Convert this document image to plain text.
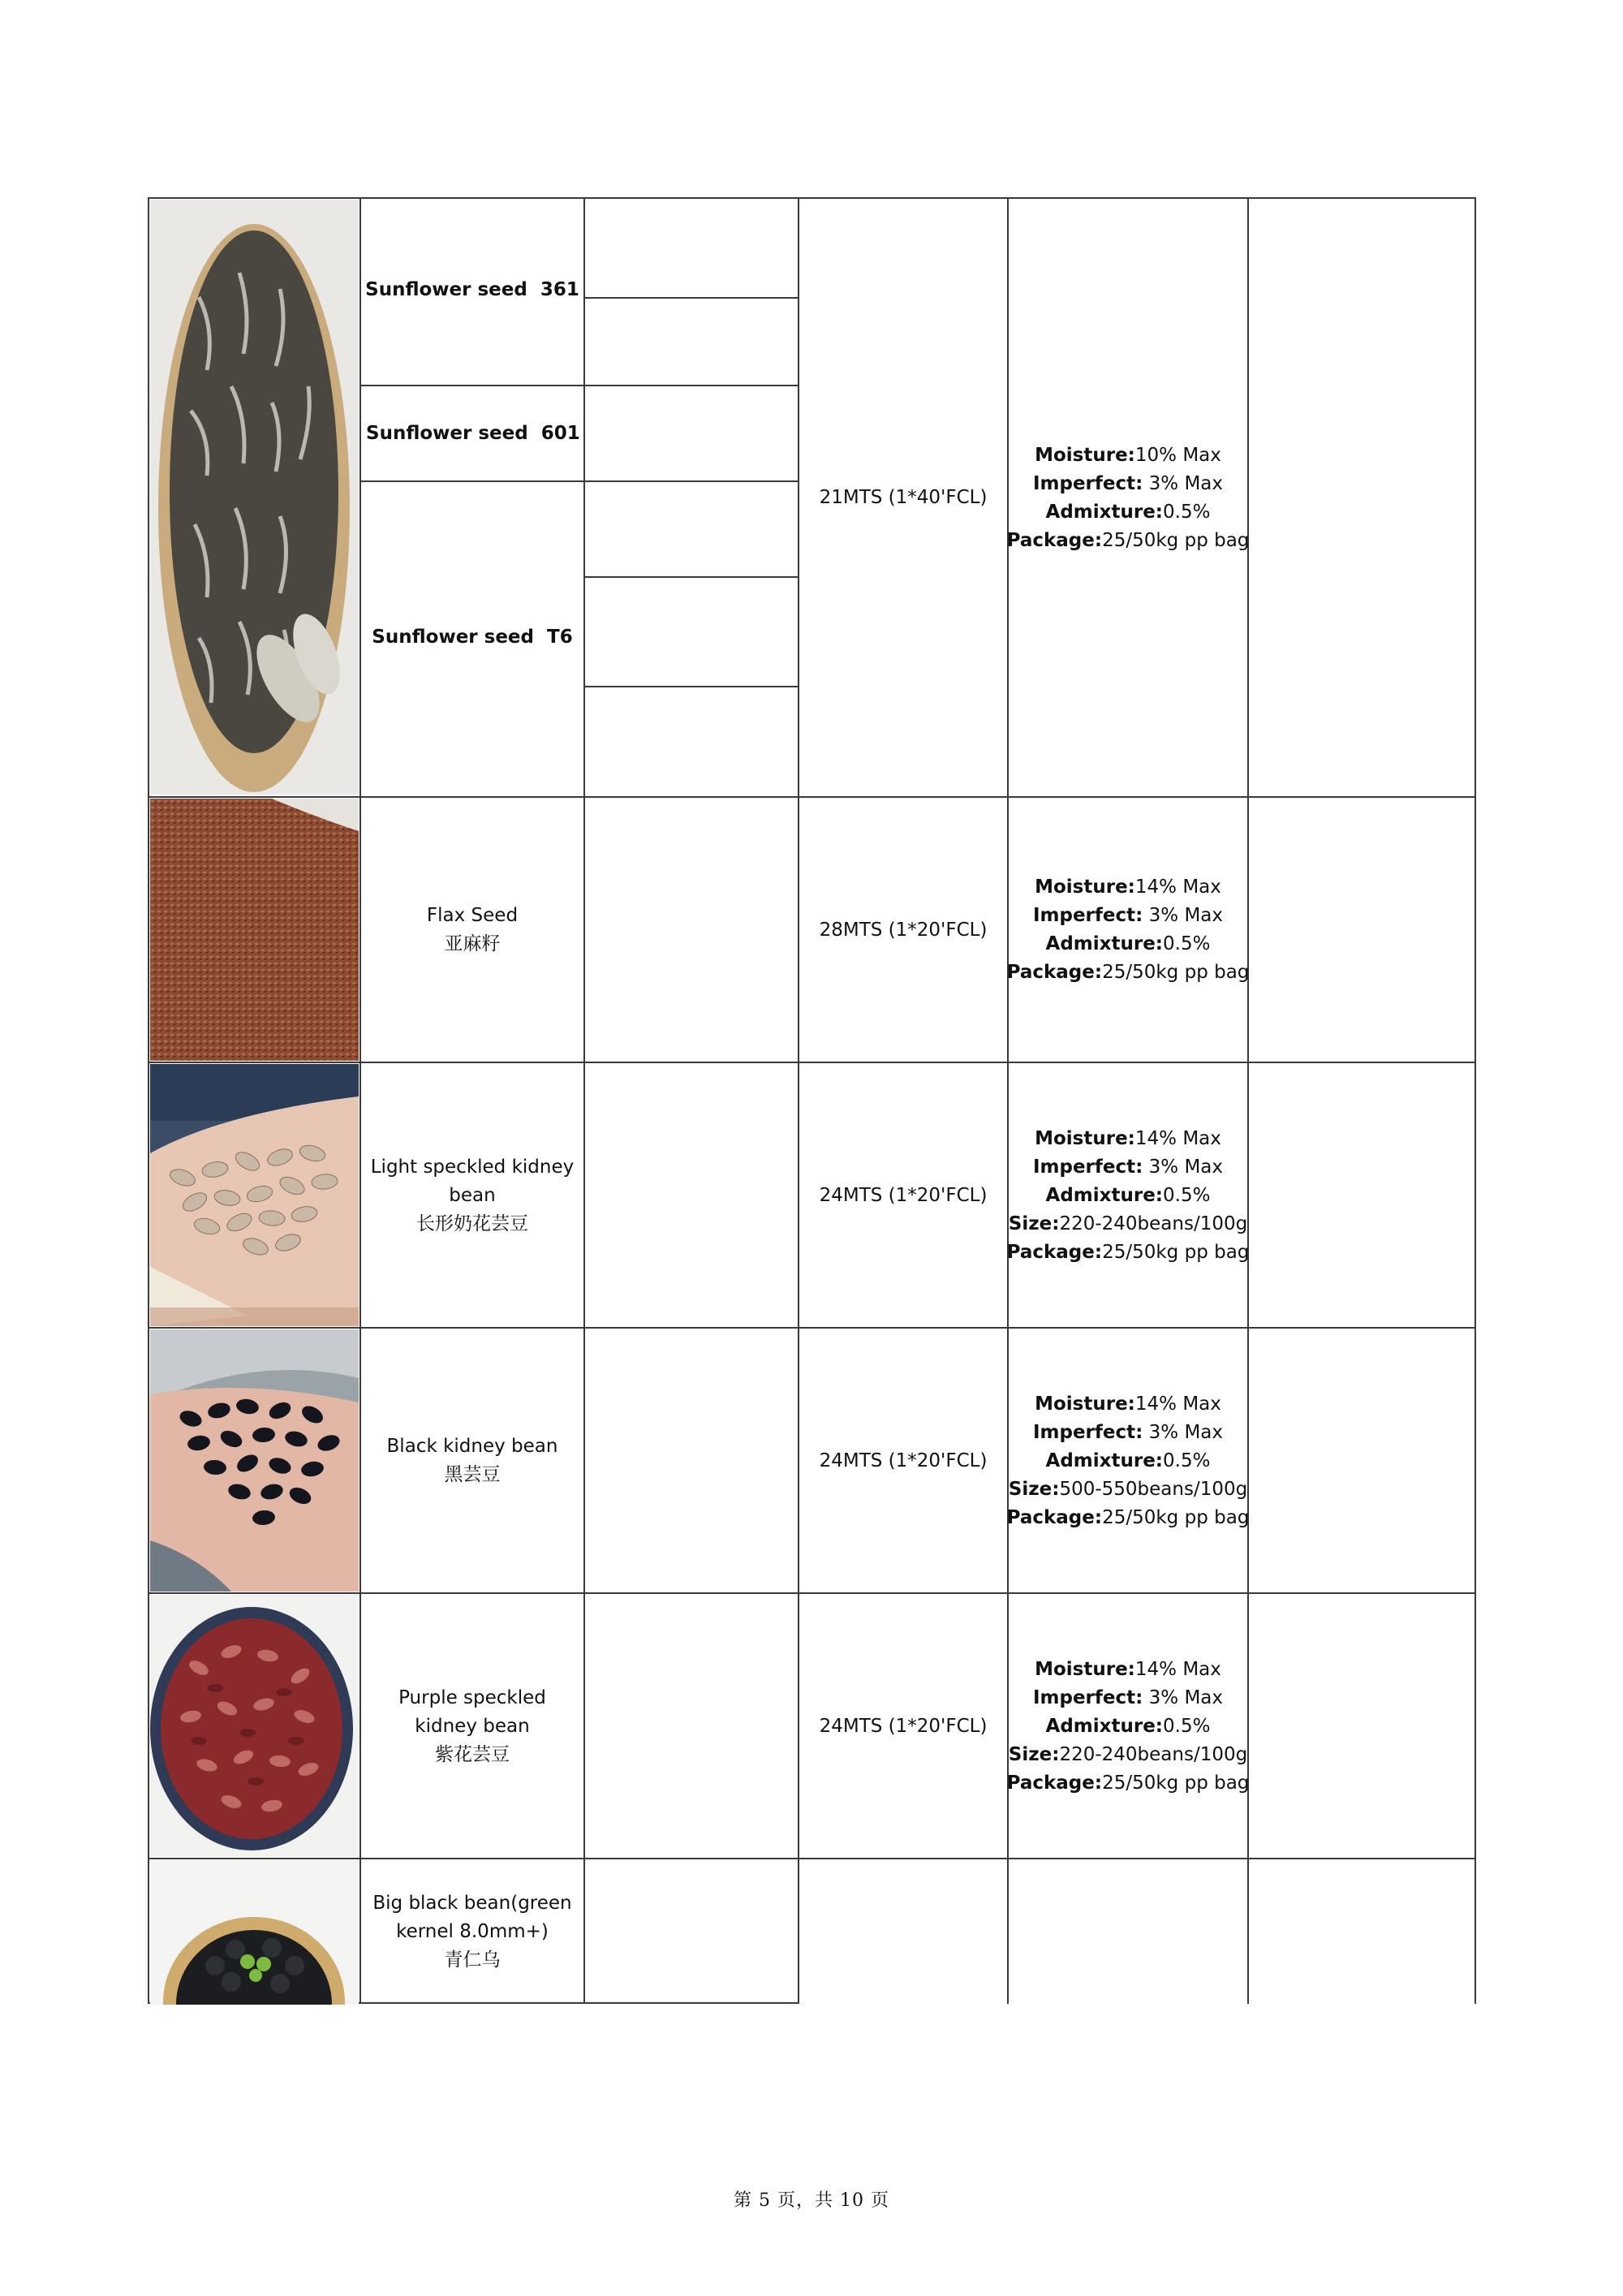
Sunflower seed  361
Sunflower seed  601
Sunflower seed  T6
21MTS (1*40'FCL)
Moisture:10% Max
Imperfect: 3% Max
Admixture:0.5%
Package:25/50kg pp bag
Flax Seed
亚麻籽
28MTS (1*20'FCL)
Moisture:14% Max
Imperfect: 3% Max
Admixture:0.5%
Package:25/50kg pp bag
Light speckled kidney bean
长形奶花芸豆
24MTS (1*20'FCL)
Moisture:14% Max
Imperfect: 3% Max
Admixture:0.5%
Size:220-240beans/100g
Package:25/50kg pp bag
Black kidney bean
黑芸豆
24MTS (1*20'FCL)
Moisture:14% Max
Imperfect: 3% Max
Admixture:0.5%
Size:500-550beans/100g
Package:25/50kg pp bag
Purple speckled kidney bean
紫花芸豆
24MTS (1*20'FCL)
Moisture:14% Max
Imperfect: 3% Max
Admixture:0.5%
Size:220-240beans/100g
Package:25/50kg pp bag
Big black bean(green kernel 8.0mm+)
青仁乌
第 5 页，共 10 页
